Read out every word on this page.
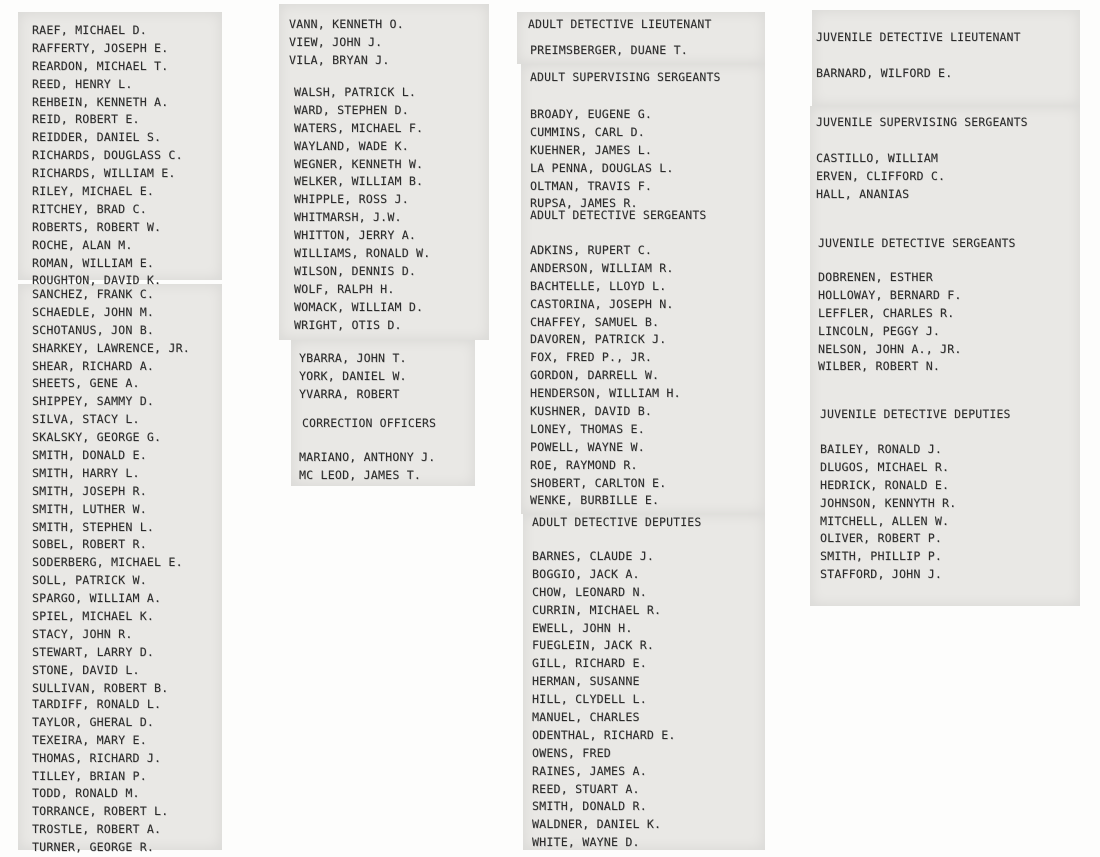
RAEF, MICHAEL D.
RAFFERTY, JOSEPH E.
REARDON, MICHAEL T.
REED, HENRY L.
REHBEIN, KENNETH A.
REID, ROBERT E.
REIDDER, DANIEL S.
RICHARDS, DOUGLASS C.
RICHARDS, WILLIAM E.
RILEY, MICHAEL E.
RITCHEY, BRAD C.
ROBERTS, ROBERT W.
ROCHE, ALAN M.
ROMAN, WILLIAM E.
ROUGHTON, DAVID K.
SANCHEZ, FRANK C.
SCHAEDLE, JOHN M.
SCHOTANUS, JON B.
SHARKEY, LAWRENCE, JR.
SHEAR, RICHARD A.
SHEETS, GENE A.
SHIPPEY, SAMMY D.
SILVA, STACY L.
SKALSKY, GEORGE G.
SMITH, DONALD E.
SMITH, HARRY L.
SMITH, JOSEPH R.
SMITH, LUTHER W.
SMITH, STEPHEN L.
SOBEL, ROBERT R.
SODERBERG, MICHAEL E.
SOLL, PATRICK W.
SPARGO, WILLIAM A.
SPIEL, MICHAEL K.
STACY, JOHN R.
STEWART, LARRY D.
STONE, DAVID L.
SULLIVAN, ROBERT B.
TARDIFF, RONALD L.
TAYLOR, GHERAL D.
TEXEIRA, MARY E.
THOMAS, RICHARD J.
TILLEY, BRIAN P.
TODD, RONALD M.
TORRANCE, ROBERT L.
TROSTLE, ROBERT A.
TURNER, GEORGE R.
VANN, KENNETH O.
VIEW, JOHN J.
VILA, BRYAN J.
WALSH, PATRICK L.
WARD, STEPHEN D.
WATERS, MICHAEL F.
WAYLAND, WADE K.
WEGNER, KENNETH W.
WELKER, WILLIAM B.
WHIPPLE, ROSS J.
WHITMARSH, J.W.
WHITTON, JERRY A.
WILLIAMS, RONALD W.
WILSON, DENNIS D.
WOLF, RALPH H.
WOMACK, WILLIAM D.
WRIGHT, OTIS D.
YBARRA, JOHN T.
YORK, DANIEL W.
YVARRA, ROBERT
CORRECTION OFFICERS
MARIANO, ANTHONY J.
MC LEOD, JAMES T.
ADULT DETECTIVE LIEUTENANT
PREIMSBERGER, DUANE T.
ADULT SUPERVISING SERGEANTS
BROADY, EUGENE G.
CUMMINS, CARL D.
KUEHNER, JAMES L.
LA PENNA, DOUGLAS L.
OLTMAN, TRAVIS F.
RUPSA, JAMES R.
ADULT DETECTIVE SERGEANTS
ADKINS, RUPERT C.
ANDERSON, WILLIAM R.
BACHTELLE, LLOYD L.
CASTORINA, JOSEPH N.
CHAFFEY, SAMUEL B.
DAVOREN, PATRICK J.
FOX, FRED P., JR.
GORDON, DARRELL W.
HENDERSON, WILLIAM H.
KUSHNER, DAVID B.
LONEY, THOMAS E.
POWELL, WAYNE W.
ROE, RAYMOND R.
SHOBERT, CARLTON E.
WENKE, BURBILLE E.
ADULT DETECTIVE DEPUTIES
BARNES, CLAUDE J.
BOGGIO, JACK A.
CHOW, LEONARD N.
CURRIN, MICHAEL R.
EWELL, JOHN H.
FUEGLEIN, JACK R.
GILL, RICHARD E.
HERMAN, SUSANNE
HILL, CLYDELL L.
MANUEL, CHARLES
ODENTHAL, RICHARD E.
OWENS, FRED
RAINES, JAMES A.
REED, STUART A.
SMITH, DONALD R.
WALDNER, DANIEL K.
WHITE, WAYNE D.
JUVENILE DETECTIVE LIEUTENANT
BARNARD, WILFORD E.
JUVENILE SUPERVISING SERGEANTS
CASTILLO, WILLIAM
ERVEN, CLIFFORD C.
HALL, ANANIAS
JUVENILE DETECTIVE SERGEANTS
DOBRENEN, ESTHER
HOLLOWAY, BERNARD F.
LEFFLER, CHARLES R.
LINCOLN, PEGGY J.
NELSON, JOHN A., JR.
WILBER, ROBERT N.
JUVENILE DETECTIVE DEPUTIES
BAILEY, RONALD J.
DLUGOS, MICHAEL R.
HEDRICK, RONALD E.
JOHNSON, KENNYTH R.
MITCHELL, ALLEN W.
OLIVER, ROBERT P.
SMITH, PHILLIP P.
STAFFORD, JOHN J.
